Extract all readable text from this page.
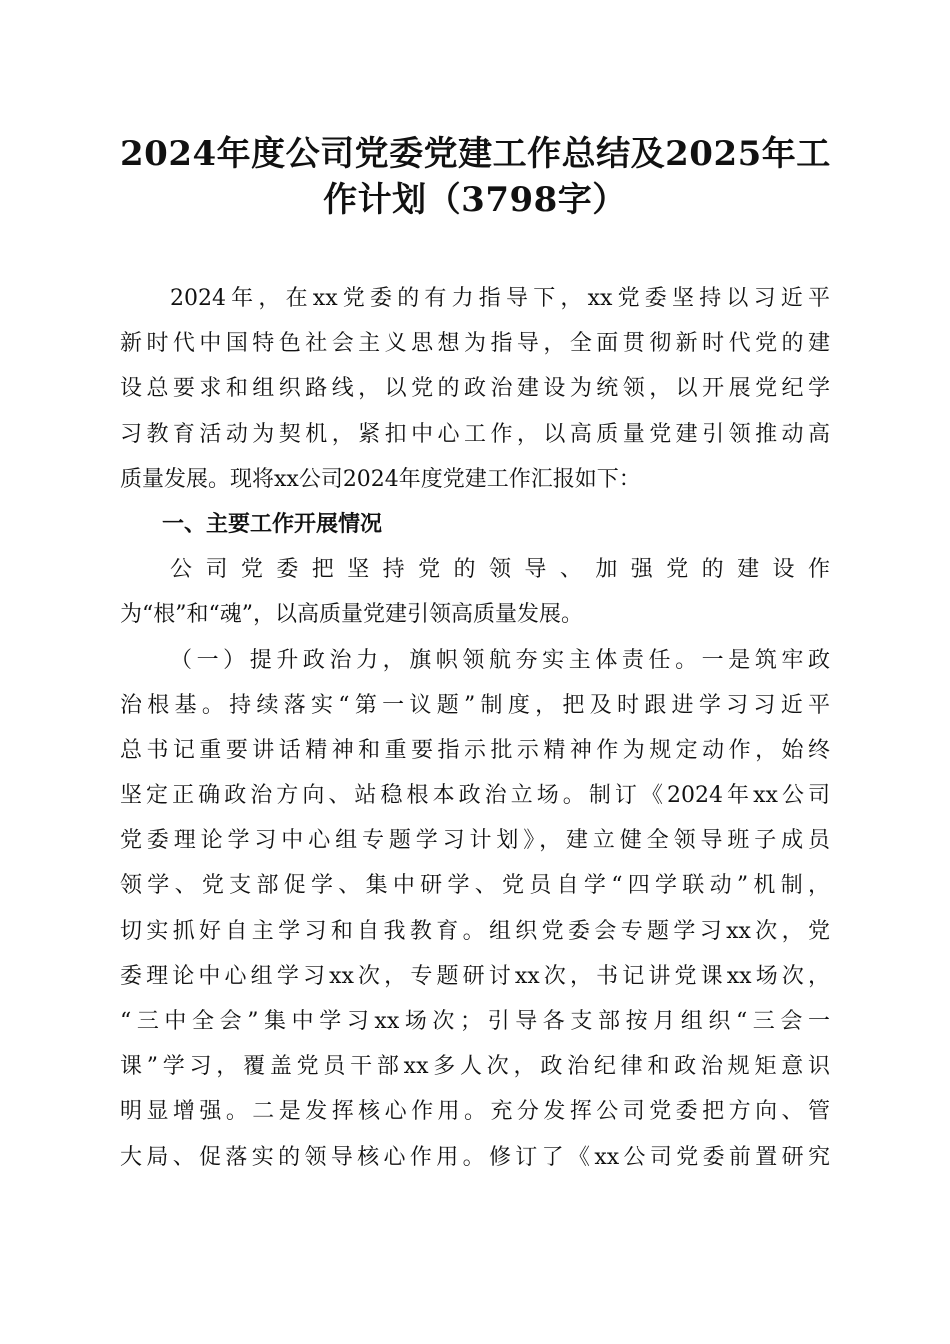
2024年度公司党委党建工作总结及2025年工
作计划（3798字）
2024年，在xx党委的有力指导下，xx党委坚持以习近平
新时代中国特色社会主义思想为指导，全面贯彻新时代党的建
设总要求和组织路线，以党的政治建设为统领，以开展党纪学
习教育活动为契机，紧扣中心工作，以高质量党建引领推动高
质量发展。现将xx公司2024年度党建工作汇报如下：
一、主要工作开展情况
公司党委把坚持党的领导、加强党的建设作
为“根”和“魂”，以高质量党建引领高质量发展。
（一）提升政治力，旗帜领航夯实主体责任。一是筑牢政
治根基。持续落实“第一议题”制度，把及时跟进学习习近平
总书记重要讲话精神和重要指示批示精神作为规定动作，始终
坚定正确政治方向、站稳根本政治立场。制订《2024年xx公司
党委理论学习中心组专题学习计划》，建立健全领导班子成员
领学、党支部促学、集中研学、党员自学“四学联动”机制，
切实抓好自主学习和自我教育。组织党委会专题学习xx次，党
委理论中心组学习xx次，专题研讨xx次，书记讲党课xx场次，
“三中全会”集中学习xx场次；引导各支部按月组织“三会一
课”学习，覆盖党员干部xx多人次，政治纪律和政治规矩意识
明显增强。二是发挥核心作用。充分发挥公司党委把方向、管
大局、促落实的领导核心作用。修订了《xx公司党委前置研究
